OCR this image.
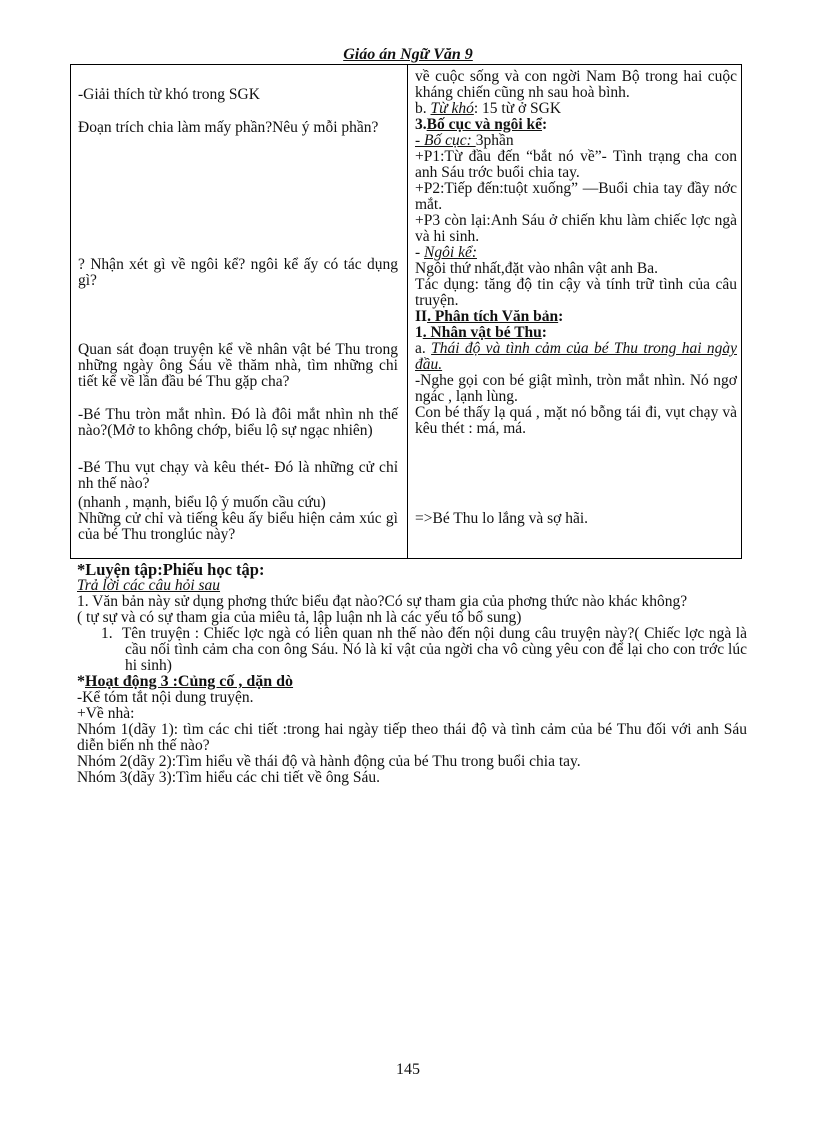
Giáo án Ngữ Văn 9

-Giải thích từ khó trong SGK

Đoạn trích chia làm mấy phần?Nêu ý mỗi phần?

? Nhận xét gì về ngôi kể? ngôi kể ấy có tác dụng gì?

Quan sát đoạn truyện kể về nhân vật bé Thu trong những ngày ông Sáu về thăm nhà, tìm những chi tiết kể về lần đầu bé Thu gặp cha?

-Bé Thu tròn mắt nhìn. Đó là đôi mắt nhìn nh thế nào?(Mở to không chớp, biểu lộ sự ngạc nhiên)

-Bé Thu vụt chạy và kêu thét- Đó là những cử chỉ nh thế nào?

(nhanh , mạnh, biểu lộ ý muốn cầu cứu)

Những cử chỉ và tiếng kêu ấy biểu hiện cảm xúc gì của bé Thu tronglúc này?

về cuộc sống và con ngời Nam Bộ trong hai cuộc kháng chiến cũng nh sau hoà bình.

b. Từ khó: 15 từ ở SGK

3.Bố cục và ngôi kể:

- Bố cục: 3phần

+P1:Từ đầu đến “bắt nó về”- Tình trạng cha con anh Sáu trớc buổi chia tay.

+P2:Tiếp đến:tuột xuống” —Buổi chia tay đầy nớc mắt.

+P3 còn lại:Anh Sáu ở chiến khu làm chiếc lợc ngà và hi sinh.

- Ngôi kể:

Ngôi thứ nhất,đặt vào nhân vật anh Ba.

Tác dụng: tăng độ tin cậy và tính trữ tình của câu truyện.

II. Phân tích Văn bản:

1. Nhân vật bé Thu:

a. Thái độ và tình cảm của bé Thu trong hai ngày đầu.

-Nghe gọi con bé giật mình, tròn mắt nhìn. Nó ngơ ngác , lạnh lùng.

Con bé thấy lạ quá , mặt nó bỗng tái đi, vụt chạy và kêu thét : má, má.

=>Bé Thu lo lắng và sợ hãi.

*Luyện tập:Phiếu học tập:

Trả lời các câu hỏi sau

1. Văn bản này sử dụng phơng thức biểu đạt nào?Có sự tham gia của phơng thức nào khác không?

( tự sự và có sự tham gia của miêu tả, lập luận nh là các yếu tố bổ sung)

1. Tên truyện : Chiếc lợc ngà có liên quan nh thế nào đến nội dung câu truyện này?( Chiếc lợc ngà là cầu nối tình cảm cha con ông Sáu. Nó là kỉ vật của ngời cha vô cùng yêu con để lại cho con trớc lúc hi sinh)

*Hoạt động 3 :Củng cố , dặn dò

-Kể tóm tắt nội dung truyện.

+Về nhà:

Nhóm 1(dãy 1): tìm các chi tiết :trong hai ngày tiếp theo thái độ và tình cảm của bé Thu đối với anh Sáu diễn biến nh thế nào?

Nhóm 2(dãy 2):Tìm hiểu về thái độ và hành động của bé Thu trong buổi chia tay.

Nhóm 3(dãy 3):Tìm hiểu các chi tiết về ông Sáu.

145
